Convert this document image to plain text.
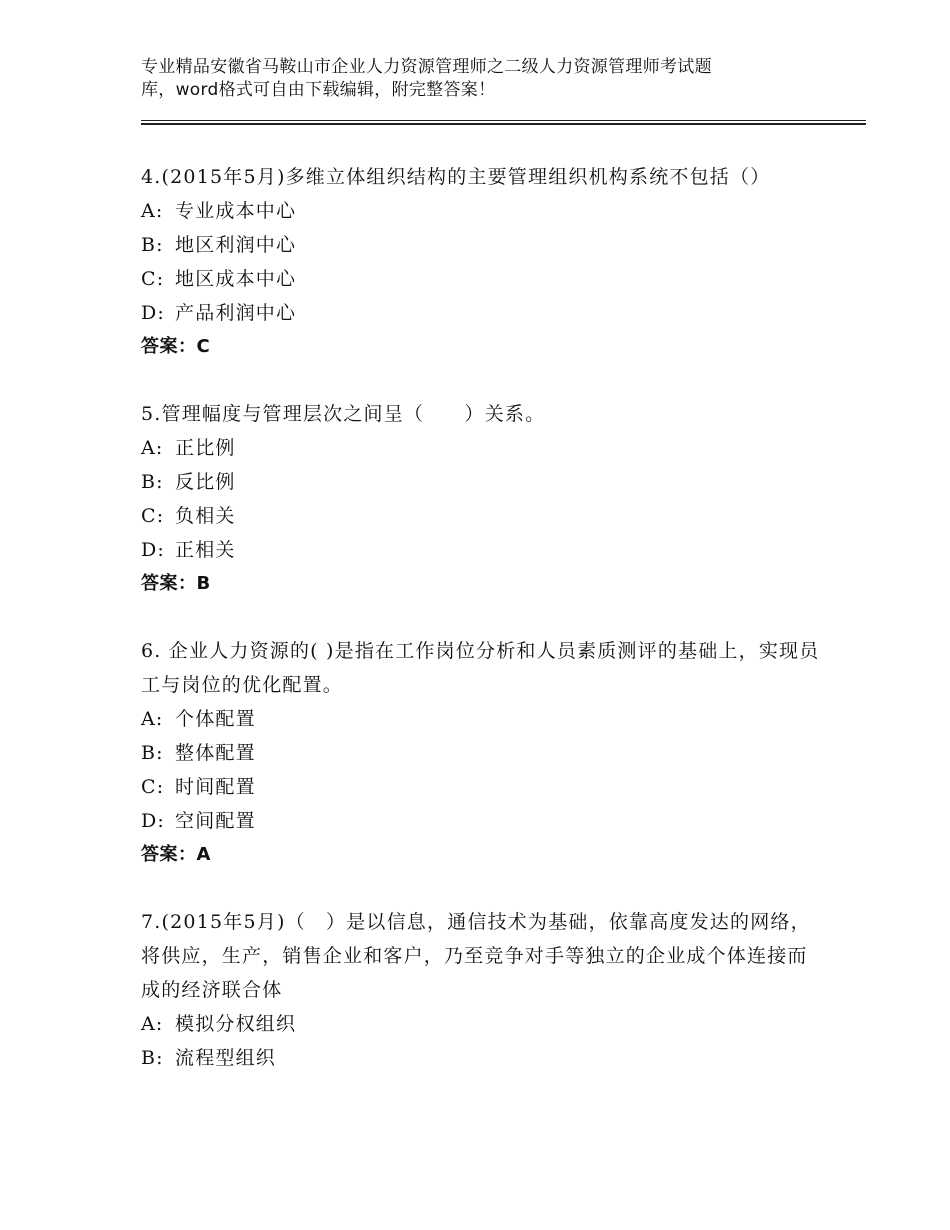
专业精品安徽省马鞍山市企业人力资源管理师之二级人力资源管理师考试题
库，word格式可自由下载编辑，附完整答案！
4.(2015年5月)多维立体组织结构的主要管理组织机构系统不包括（）
A: 专业成本中心
B: 地区利润中心
C: 地区成本中心
D: 产品利润中心
答案：C
5.管理幅度与管理层次之间呈（　　）关系。
A: 正比例
B: 反比例
C: 负相关
D: 正相关
答案：B
6. 企业人力资源的( )是指在工作岗位分析和人员素质测评的基础上，实现员工与岗位的优化配置。
A: 个体配置
B: 整体配置
C: 时间配置
D: 空间配置
答案：A
7.(2015年5月)（　）是以信息，通信技术为基础，依靠高度发达的网络，将供应，生产，销售企业和客户，乃至竞争对手等独立的企业成个体连接而成的经济联合体
A: 模拟分权组织
B: 流程型组织
